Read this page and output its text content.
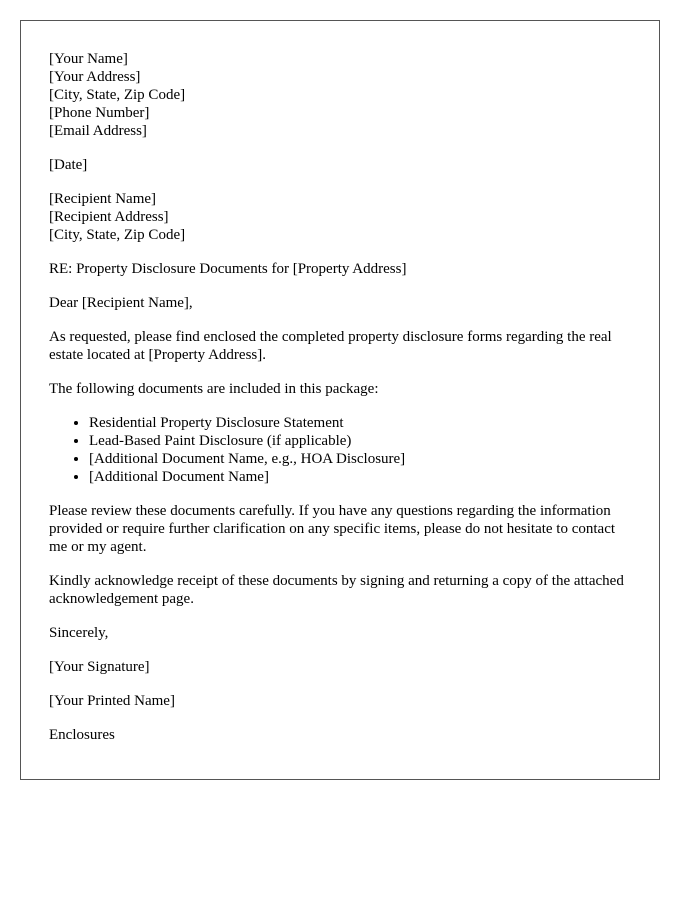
[Your Name]
[Your Address]
[City, State, Zip Code]
[Phone Number]
[Email Address]

[Date]

[Recipient Name]
[Recipient Address]
[City, State, Zip Code]

RE: Property Disclosure Documents for [Property Address]

Dear [Recipient Name],

As requested, please find enclosed the completed property disclosure forms regarding the real estate located at [Property Address].

The following documents are included in this package:

• Residential Property Disclosure Statement
• Lead-Based Paint Disclosure (if applicable)
• [Additional Document Name, e.g., HOA Disclosure]
• [Additional Document Name]

Please review these documents carefully. If you have any questions regarding the information provided or require further clarification on any specific items, please do not hesitate to contact me or my agent.

Kindly acknowledge receipt of these documents by signing and returning a copy of the attached acknowledgement page.

Sincerely,

[Your Signature]

[Your Printed Name]

Enclosures
